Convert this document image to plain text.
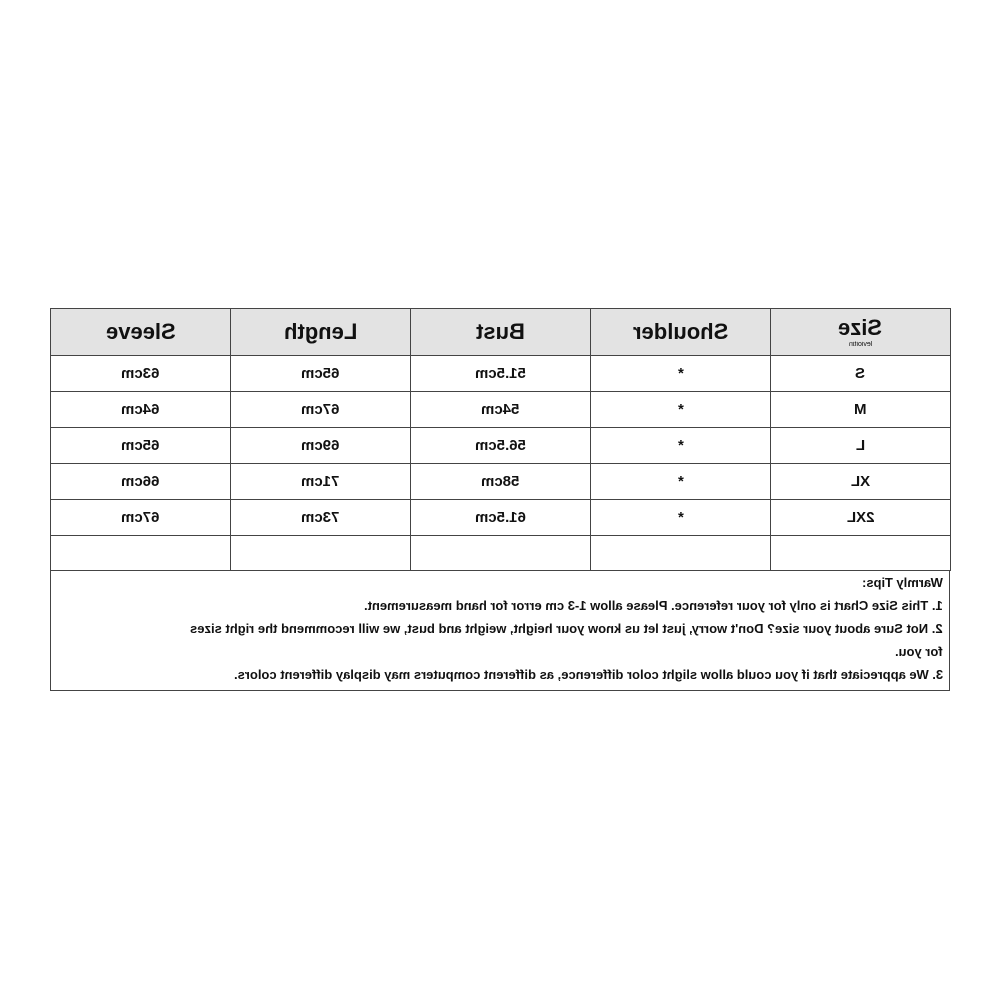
Sleeve	Length	Bust	Shoulder	Size
levioitin

63cm	65cm	51.5cm	*	S
64cm	67cm	54cm	*	M
65cm	69cm	56.5cm	*	L
66cm	71cm	58cm	*	XL
67cm	73cm	61.5cm	*	2XL

Warmly Tips:
1. This Size Chart is only for your reference. Please allow 1-3 cm error for hand measurement.
2. Not Sure about your size? Don't worry, just let us know your height, weight and bust, we will recommend the right sizes
for you.
3. We appreciate that if you could allow slight color difference, as different computers may display different colors.
